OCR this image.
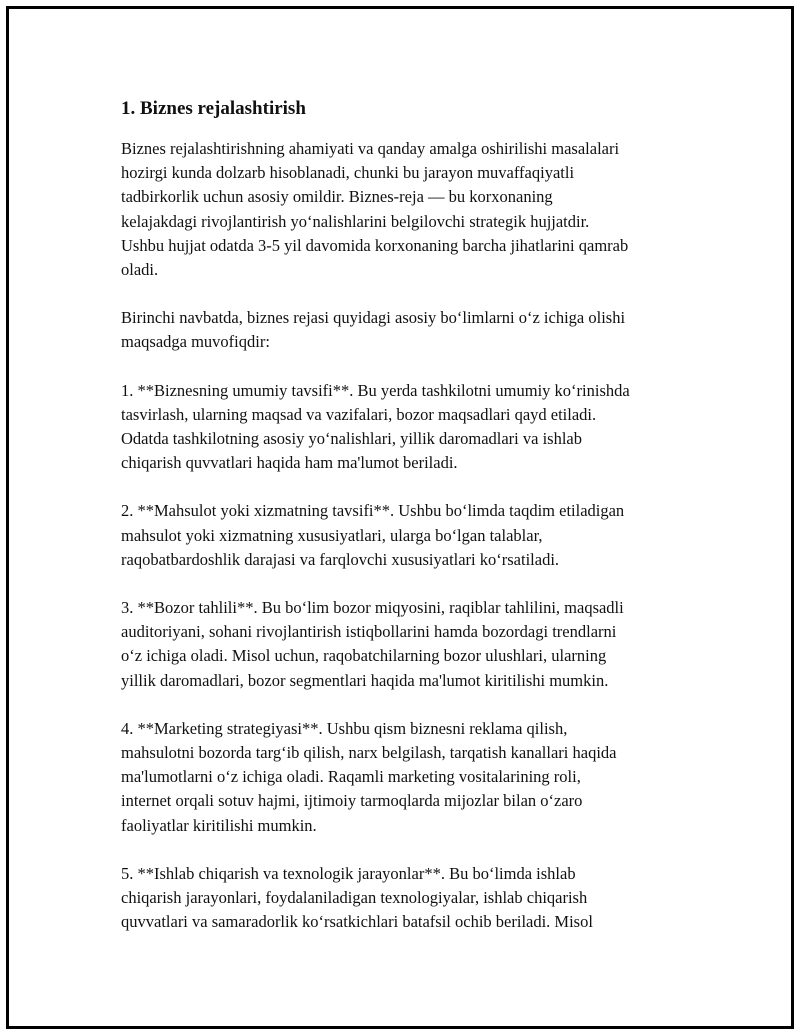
1. Biznes rejalashtirish
Biznes rejalashtirishning ahamiyati va qanday amalga oshirilishi masalalari
hozirgi kunda dolzarb hisoblanadi, chunki bu jarayon muvaffaqiyatli
tadbirkorlik uchun asosiy omildir. Biznes-reja — bu korxonaning
kelajakdagi rivojlantirish yo‘nalishlarini belgilovchi strategik hujjatdir.
Ushbu hujjat odatda 3-5 yil davomida korxonaning barcha jihatlarini qamrab
oladi.
Birinchi navbatda, biznes rejasi quyidagi asosiy bo‘limlarni o‘z ichiga olishi
maqsadga muvofiqdir:
1. **Biznesning umumiy tavsifi**. Bu yerda tashkilotni umumiy ko‘rinishda
tasvirlash, ularning maqsad va vazifalari, bozor maqsadlari qayd etiladi.
Odatda tashkilotning asosiy yo‘nalishlari, yillik daromadlari va ishlab
chiqarish quvvatlari haqida ham ma'lumot beriladi.
2. **Mahsulot yoki xizmatning tavsifi**. Ushbu bo‘limda taqdim etiladigan
mahsulot yoki xizmatning xususiyatlari, ularga bo‘lgan talablar,
raqobatbardoshlik darajasi va farqlovchi xususiyatlari ko‘rsatiladi.
3. **Bozor tahlili**. Bu bo‘lim bozor miqyosini, raqiblar tahlilini, maqsadli
auditoriyani, sohani rivojlantirish istiqbollarini hamda bozordagi trendlarni
o‘z ichiga oladi. Misol uchun, raqobatchilarning bozor ulushlari, ularning
yillik daromadlari, bozor segmentlari haqida ma'lumot kiritilishi mumkin.
4. **Marketing strategiyasi**. Ushbu qism biznesni reklama qilish,
mahsulotni bozorda targ‘ib qilish, narx belgilash, tarqatish kanallari haqida
ma'lumotlarni o‘z ichiga oladi. Raqamli marketing vositalarining roli,
internet orqali sotuv hajmi, ijtimoiy tarmoqlarda mijozlar bilan o‘zaro
faoliyatlar kiritilishi mumkin.
5. **Ishlab chiqarish va texnologik jarayonlar**. Bu bo‘limda ishlab
chiqarish jarayonlari, foydalaniladigan texnologiyalar, ishlab chiqarish
quvvatlari va samaradorlik ko‘rsatkichlari batafsil ochib beriladi. Misol
